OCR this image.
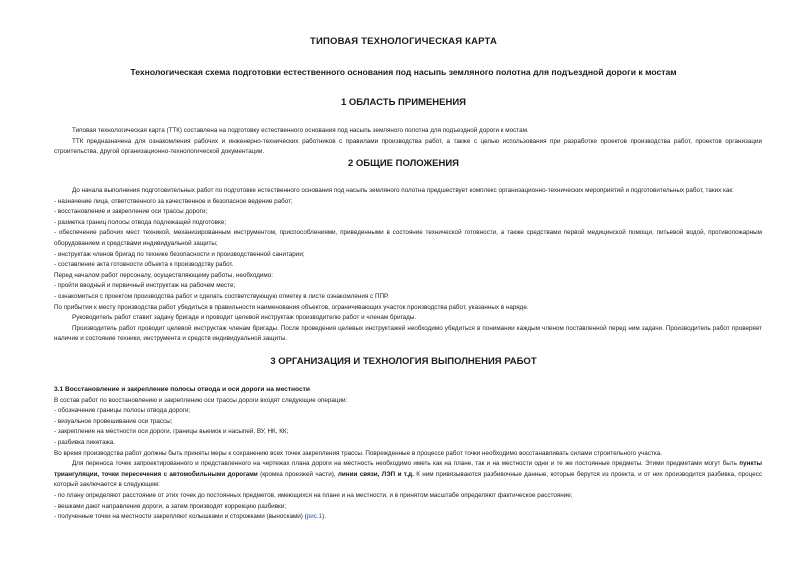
ТИПОВАЯ ТЕХНОЛОГИЧЕСКАЯ КАРТА
Технологическая схема подготовки естественного основания под насыпь земляного полотна для подъездной дороги к мостам
1 ОБЛАСТЬ ПРИМЕНЕНИЯ

Типовая технологическая карта (ТТК) составлена на подготовку естественного основания под насыпь земляного полотна для подъездной дороги к мостам.

ТТК предназначена для ознакомления рабочих и инженерно-технических работников с правилами производства работ, а также с целью использования при разработке проектов производства работ, проектов организации строительства, другой организационно-технологической документации.

2 ОБЩИЕ ПОЛОЖЕНИЯ

До начала выполнения подготовительных работ по подготовке естественного основания под насыпь земляного полотна предшествует комплекс организационно-технических мероприятий и подготовительных работ, таких как:

- назначение лица, ответственного за качественное и безопасное ведение работ;

- восстановление и закрепление оси трассы дороги;

- разметка границ полосы отвода подлежащей подготовке;

- обеспечение рабочих мест техникой, механизированным инструментом, приспособлениями, приведенными в состояние технической готовности, а также средствами первой медицинской помощи, питьевой водой, противопожарным оборудованием и средствами индивидуальной защиты;

- инструктаж членов бригад по технике безопасности и производственной санитарии;

- составление акта готовности объекта к производству работ.

Перед началом работ персоналу, осуществляющему работы, необходимо:

- пройти вводный и первичный инструктаж на рабочем месте;

- ознакомиться с проектом производства работ и сделать соответствующую отметку в листе ознакомления с ППР.

По прибытии к месту производства работ убедиться в правильности наименования объектов, ограничивающих участок производства работ, указанных в наряде.

Руководитель работ ставит задачу бригаде и проводит целевой инструктаж производителю работ и членам бригады.

Производитель работ проводит целевой инструктаж членам бригады. После проведения целевых инструктажей необходимо убедиться в понимании каждым членом поставленной перед ним задачи. Производитель работ проверяет наличие и состояние техники, инструмента и средств индивидуальной защиты.

3 ОРГАНИЗАЦИЯ И ТЕХНОЛОГИЯ ВЫПОЛНЕНИЯ РАБОТ

3.1 Восстановление и закрепление полосы отвода и оси дороги на местности

В состав работ по восстановлению и закреплению оси трассы дороги входят следующие операции:

- обозначение границы полосы отвода дороги;

- визуальное провешивание оси трассы;

- закрепление на местности оси дороги, границы выемок и насыпей, ВУ, НК, КК;

- разбивка пикетажа.

Во время производства работ должны быть приняты меры к сохранению всех точек закрепления трассы. Поврежденные в процессе работ точки необходимо восстанавливать силами строительного участка.

Для переноса точек запроектированного и представленного на чертежах плана дороги на местность необходимо иметь как на плане, так и на местности одни и те же постоянные предметы. Этими предметами могут быть пункты триангуляции, точки пересечения с автомобильными дорогами (кромка проезжей части), линии связи, ЛЭП и т.д. К ним привязываются разбивочные данные, которые берутся из проекта, и от них производится разбивка, процесс который заключается в следующем:

- по плану определяют расстояние от этих точек до постоянных предметов, имеющихся на плане и на местности, и в принятом масштабе определяют фактическое расстояние;

- вешками дают направление дороги, а затем производят коррекцию разбивки;

- полученные точки на местности закрепляют колышками и сторожками (выносками) (рис.1).
